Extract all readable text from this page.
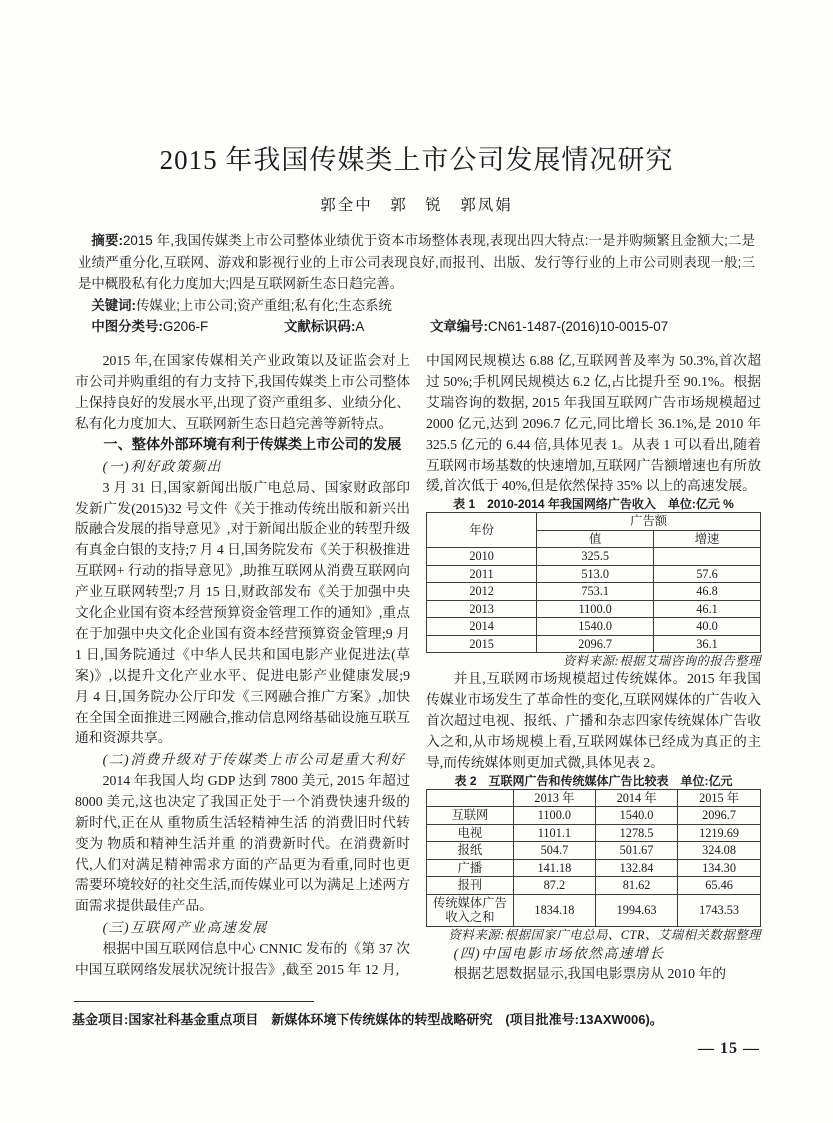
2015 年我国传媒类上市公司发展情况研究
郭全中　郭　锐　郭凤娟

摘要:2015 年,我国传媒类上市公司整体业绩优于资本市场整体表现,表现出四大特点:一是并购频繁且金额大;二是业绩严重分化,互联网、游戏和影视行业的上市公司表现良好,而报刊、出版、发行等行业的上市公司则表现一般;三是中概股私有化力度加大;四是互联网新生态日趋完善。

关键词:传媒业;上市公司;资产重组;私有化;生态系统

中图分类号:G206-F	文献标识码:A	文章编号:CN61-1487-(2016)10-0015-07

2015 年,在国家传媒相关产业政策以及证监会对上市公司并购重组的有力支持下,我国传媒类上市公司整体上保持良好的发展水平,出现了资产重组多、业绩分化、私有化力度加大、互联网新生态日趋完善等新特点。

一、整体外部环境有利于传媒类上市公司的发展

(一)利好政策频出

3 月 31 日,国家新闻出版广电总局、国家财政部印发新广发(2015)32 号文件《关于推动传统出版和新兴出版融合发展的指导意见》,对于新闻出版企业的转型升级有真金白银的支持;7 月 4 日,国务院发布《关于积极推进 互联网+ 行动的指导意见》,助推互联网从消费互联网向产业互联网转型;7 月 15 日,财政部发布《关于加强中央文化企业国有资本经营预算资金管理工作的通知》,重点在于加强中央文化企业国有资本经营预算资金管理;9 月 1 日,国务院通过《中华人民共和国电影产业促进法(草案)》,以提升文化产业水平、促进电影产业健康发展;9 月 4 日,国务院办公厅印发《三网融合推广方案》,加快在全国全面推进三网融合,推动信息网络基础设施互联互通和资源共享。

(二)消费升级对于传媒类上市公司是重大利好

2014 年我国人均 GDP 达到 7800 美元, 2015 年超过 8000 美元,这也决定了我国正处于一个消费快速升级的新时代,正在从 重物质生活轻精神生活 的消费旧时代转变为 物质和精神生活并重 的消费新时代。在消费新时代,人们对满足精神需求方面的产品更为看重,同时也更需要环境较好的社交生活,而传媒业可以为满足上述两方面需求提供最佳产品。

(三)互联网产业高速发展

根据中国互联网信息中心 CNNIC 发布的《第 37 次中国互联网络发展状况统计报告》,截至 2015 年 12 月,

中国网民规模达 6.88 亿,互联网普及率为 50.3%,首次超过 50%;手机网民规模达 6.2 亿,占比提升至 90.1%。根据艾瑞咨询的数据, 2015 年我国互联网广告市场规模超过 2000 亿元,达到 2096.7 亿元,同比增长 36.1%,是 2010 年 325.5 亿元的 6.44 倍,具体见表 1。从表 1 可以看出,随着互联网市场基数的快速增加,互联网广告额增速也有所放缓,首次低于 40%,但是依然保持 35% 以上的高速发展。

表 1　2010-2014 年我国网络广告收入　单位:亿元 %

年份	广告额	
	值	增速
2010	325.5	
2011	513.0	57.6
2012	753.1	46.8
2013	1100.0	46.1
2014	1540.0	40.0
2015	2096.7	36.1

资料来源:根据艾瑞咨询的报告整理

并且,互联网市场规模超过传统媒体。2015 年我国传媒业市场发生了革命性的变化,互联网媒体的广告收入首次超过电视、报纸、广播和杂志四家传统媒体广告收入之和,从市场规模上看,互联网媒体已经成为真正的主导,而传统媒体则更加式微,具体见表 2。

表 2　互联网广告和传统媒体广告比较表　单位:亿元

	2013 年	2014 年	2015 年
互联网	1100.0	1540.0	2096.7
电视	1101.1	1278.5	1219.69
报纸	504.7	501.67	324.08
广播	141.18	132.84	134.30
报刊	87.2	81.62	65.46
传统媒体广告收入之和	1834.18	1994.63	1743.53

资料来源:根据国家广电总局、CTR、艾瑞相关数据整理

(四)中国电影市场依然高速增长

根据艺恩数据显示,我国电影票房从 2010 年的

基金项目:国家社科基金重点项目　新媒体环境下传统媒体的转型战略研究　(项目批准号:13AXW006)。
— 15 —
